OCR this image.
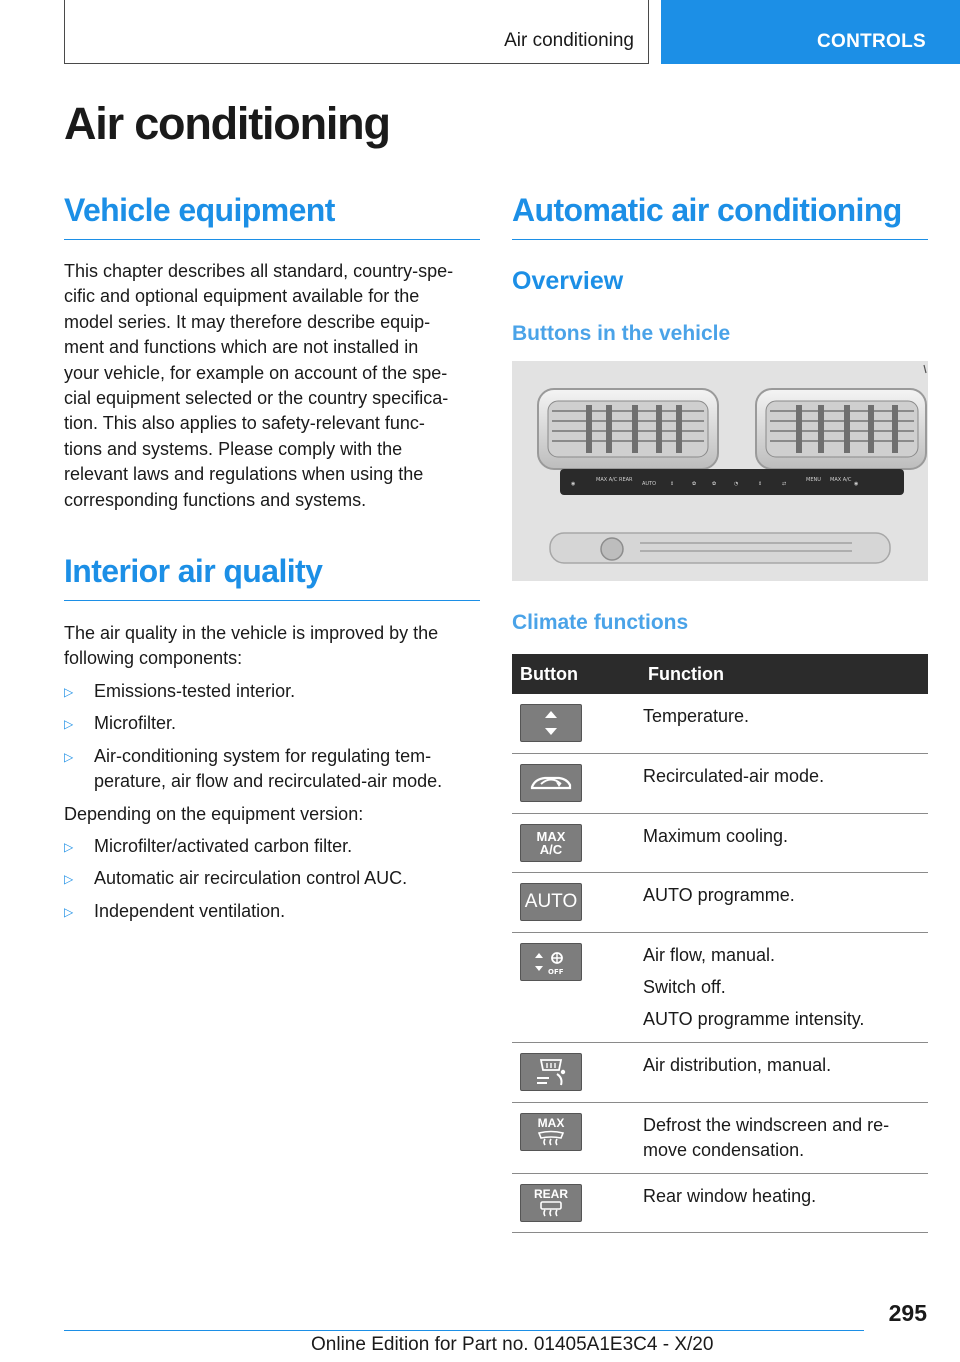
Air conditioning	CONTROLS
Air conditioning
Vehicle equipment

This chapter describes all standard, country-spe‐
cific and optional equipment available for the
model series. It may therefore describe equip‐
ment and functions which are not installed in
your vehicle, for example on account of the spe‐
cial equipment selected or the country specifica‐
tion. This also applies to safety-relevant func‐
tions and systems. Please comply with the
relevant laws and regulations when using the
corresponding functions and systems.

Interior air quality

The air quality in the vehicle is improved by the
following components:

▷ Emissions-tested interior.
▷ Microfilter.
▷ Air-conditioning system for regulating tem‐
perature, air flow and recirculated-air mode.

Depending on the equipment version:

▷ Microfilter/activated carbon filter.
▷ Automatic air recirculation control AUC.
▷ Independent ventilation.
Automatic air conditioning
Overview
Buttons in the vehicle
◉
MAX A/C REAR
AUTO	⇕	✿	✿	◔	⇕	⇄
MENU MAX A/C
◉
Climate functions
Button	Function

Temperature.

Recirculated-air mode.

MAX A/C	Maximum cooling.

AUTO	AUTO programme.

OFF	Air flow, manual.
Switch off.
AUTO programme intensity.

Air distribution, manual.

MAX	Defrost the windscreen and re‐
move condensation.

REAR	Rear window heating.
295
Online Edition for Part no. 01405A1E3C4 - X/20
